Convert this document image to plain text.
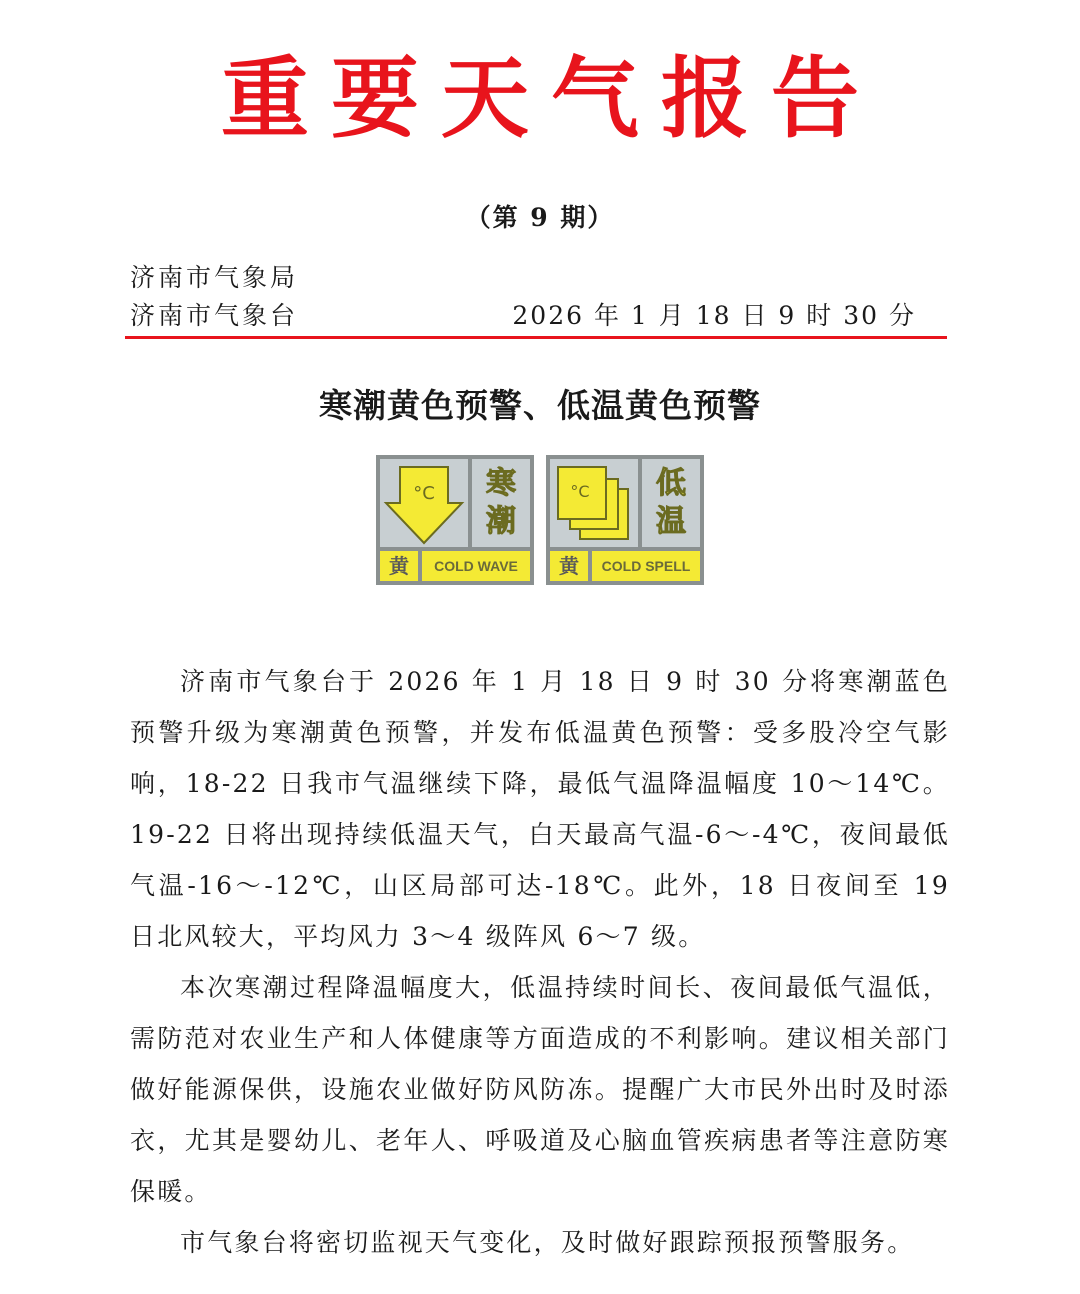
重要天气报告
（第 9 期）
济南市气象局
济南市气象台	2026 年 1 月 18 日 9 时 30 分
寒潮黄色预警、低温黄色预警
°C 寒
潮
黄	COLD WAVE
°C 低
温
黄	COLD SPELL

济南市气象台于 2026 年 1 月 18 日 9 时 30 分将寒潮蓝色预警升级为寒潮黄色预警，并发布低温黄色预警：受多股冷空气影响，18-22 日我市气温继续下降，最低气温降温幅度 10～14℃。19-22 日将出现持续低温天气，白天最高气温-6～-4℃，夜间最低气温-16～-12℃，山区局部可达-18℃。此外，18 日夜间至 19 日北风较大，平均风力 3～4 级阵风 6～7 级。

本次寒潮过程降温幅度大，低温持续时间长、夜间最低气温低，需防范对农业生产和人体健康等方面造成的不利影响。建议相关部门做好能源保供，设施农业做好防风防冻。提醒广大市民外出时及时添衣，尤其是婴幼儿、老年人、呼吸道及心脑血管疾病患者等注意防寒保暖。

市气象台将密切监视天气变化，及时做好跟踪预报预警服务。
